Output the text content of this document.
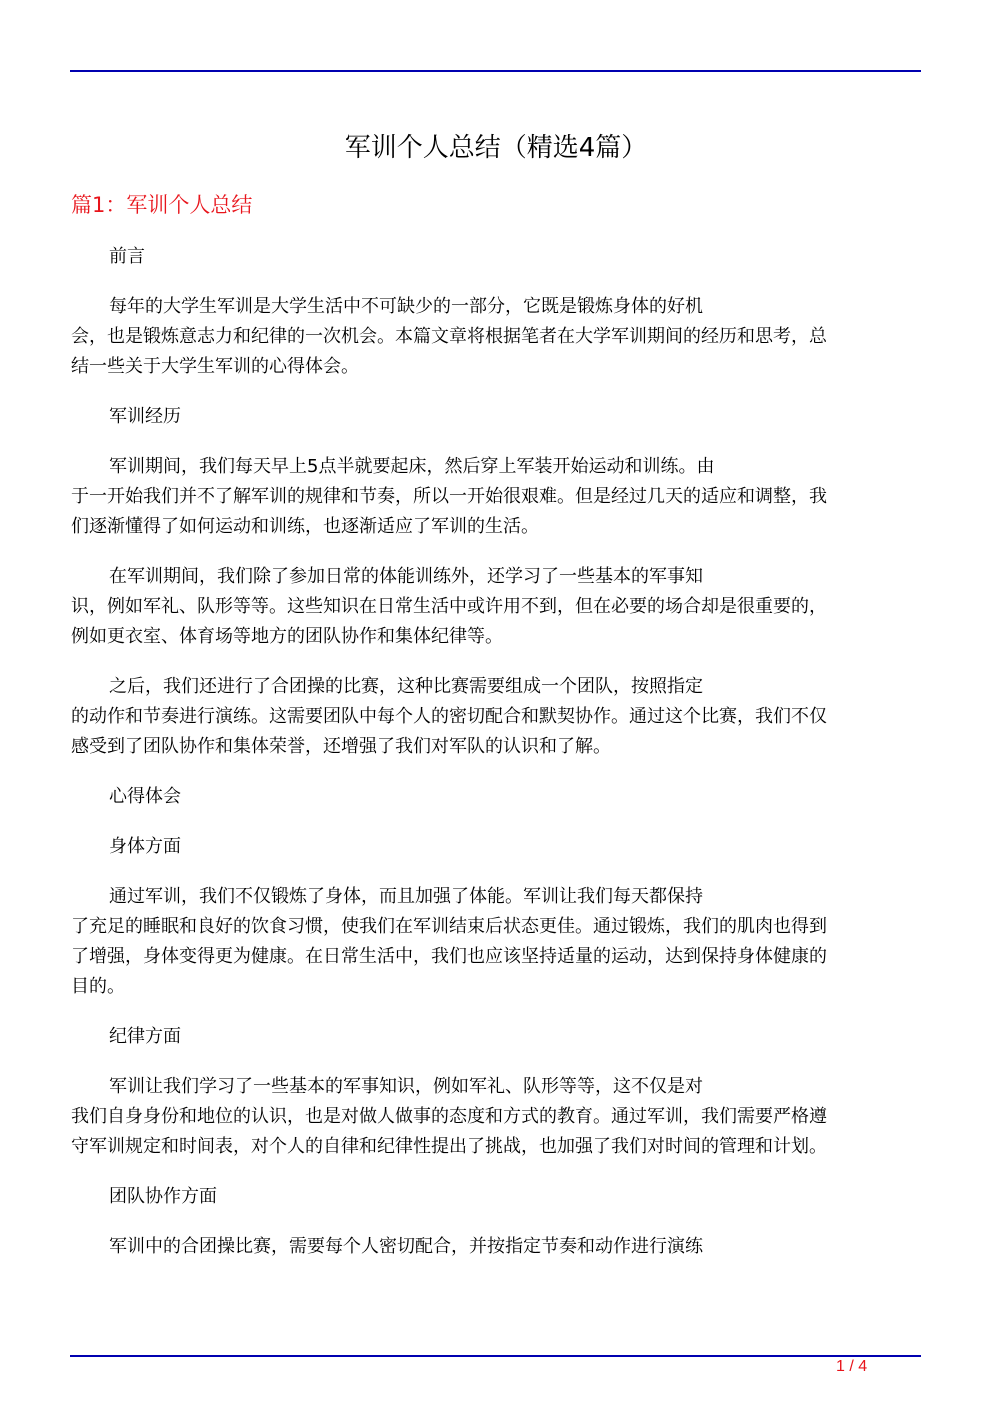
军训个人总结（精选4篇）
篇1：军训个人总结
前言
每年的大学生军训是大学生活中不可缺少的一部分，它既是锻炼身体的好机
会，也是锻炼意志力和纪律的一次机会。本篇文章将根据笔者在大学军训期间的经历和思考，总
结一些关于大学生军训的心得体会。
军训经历
军训期间，我们每天早上5点半就要起床，然后穿上军装开始运动和训练。由
于一开始我们并不了解军训的规律和节奏，所以一开始很艰难。但是经过几天的适应和调整，我
们逐渐懂得了如何运动和训练，也逐渐适应了军训的生活。
在军训期间，我们除了参加日常的体能训练外，还学习了一些基本的军事知
识，例如军礼、队形等等。这些知识在日常生活中或许用不到，但在必要的场合却是很重要的，
例如更衣室、体育场等地方的团队协作和集体纪律等。
之后，我们还进行了合团操的比赛，这种比赛需要组成一个团队，按照指定
的动作和节奏进行演练。这需要团队中每个人的密切配合和默契协作。通过这个比赛，我们不仅
感受到了团队协作和集体荣誉，还增强了我们对军队的认识和了解。
心得体会
身体方面
通过军训，我们不仅锻炼了身体，而且加强了体能。军训让我们每天都保持
了充足的睡眠和良好的饮食习惯，使我们在军训结束后状态更佳。通过锻炼，我们的肌肉也得到
了增强，身体变得更为健康。在日常生活中，我们也应该坚持适量的运动，达到保持身体健康的
目的。
纪律方面
军训让我们学习了一些基本的军事知识，例如军礼、队形等等，这不仅是对
我们自身身份和地位的认识，也是对做人做事的态度和方式的教育。通过军训，我们需要严格遵
守军训规定和时间表，对个人的自律和纪律性提出了挑战，也加强了我们对时间的管理和计划。
团队协作方面
军训中的合团操比赛，需要每个人密切配合，并按指定节奏和动作进行演练
1 / 4
